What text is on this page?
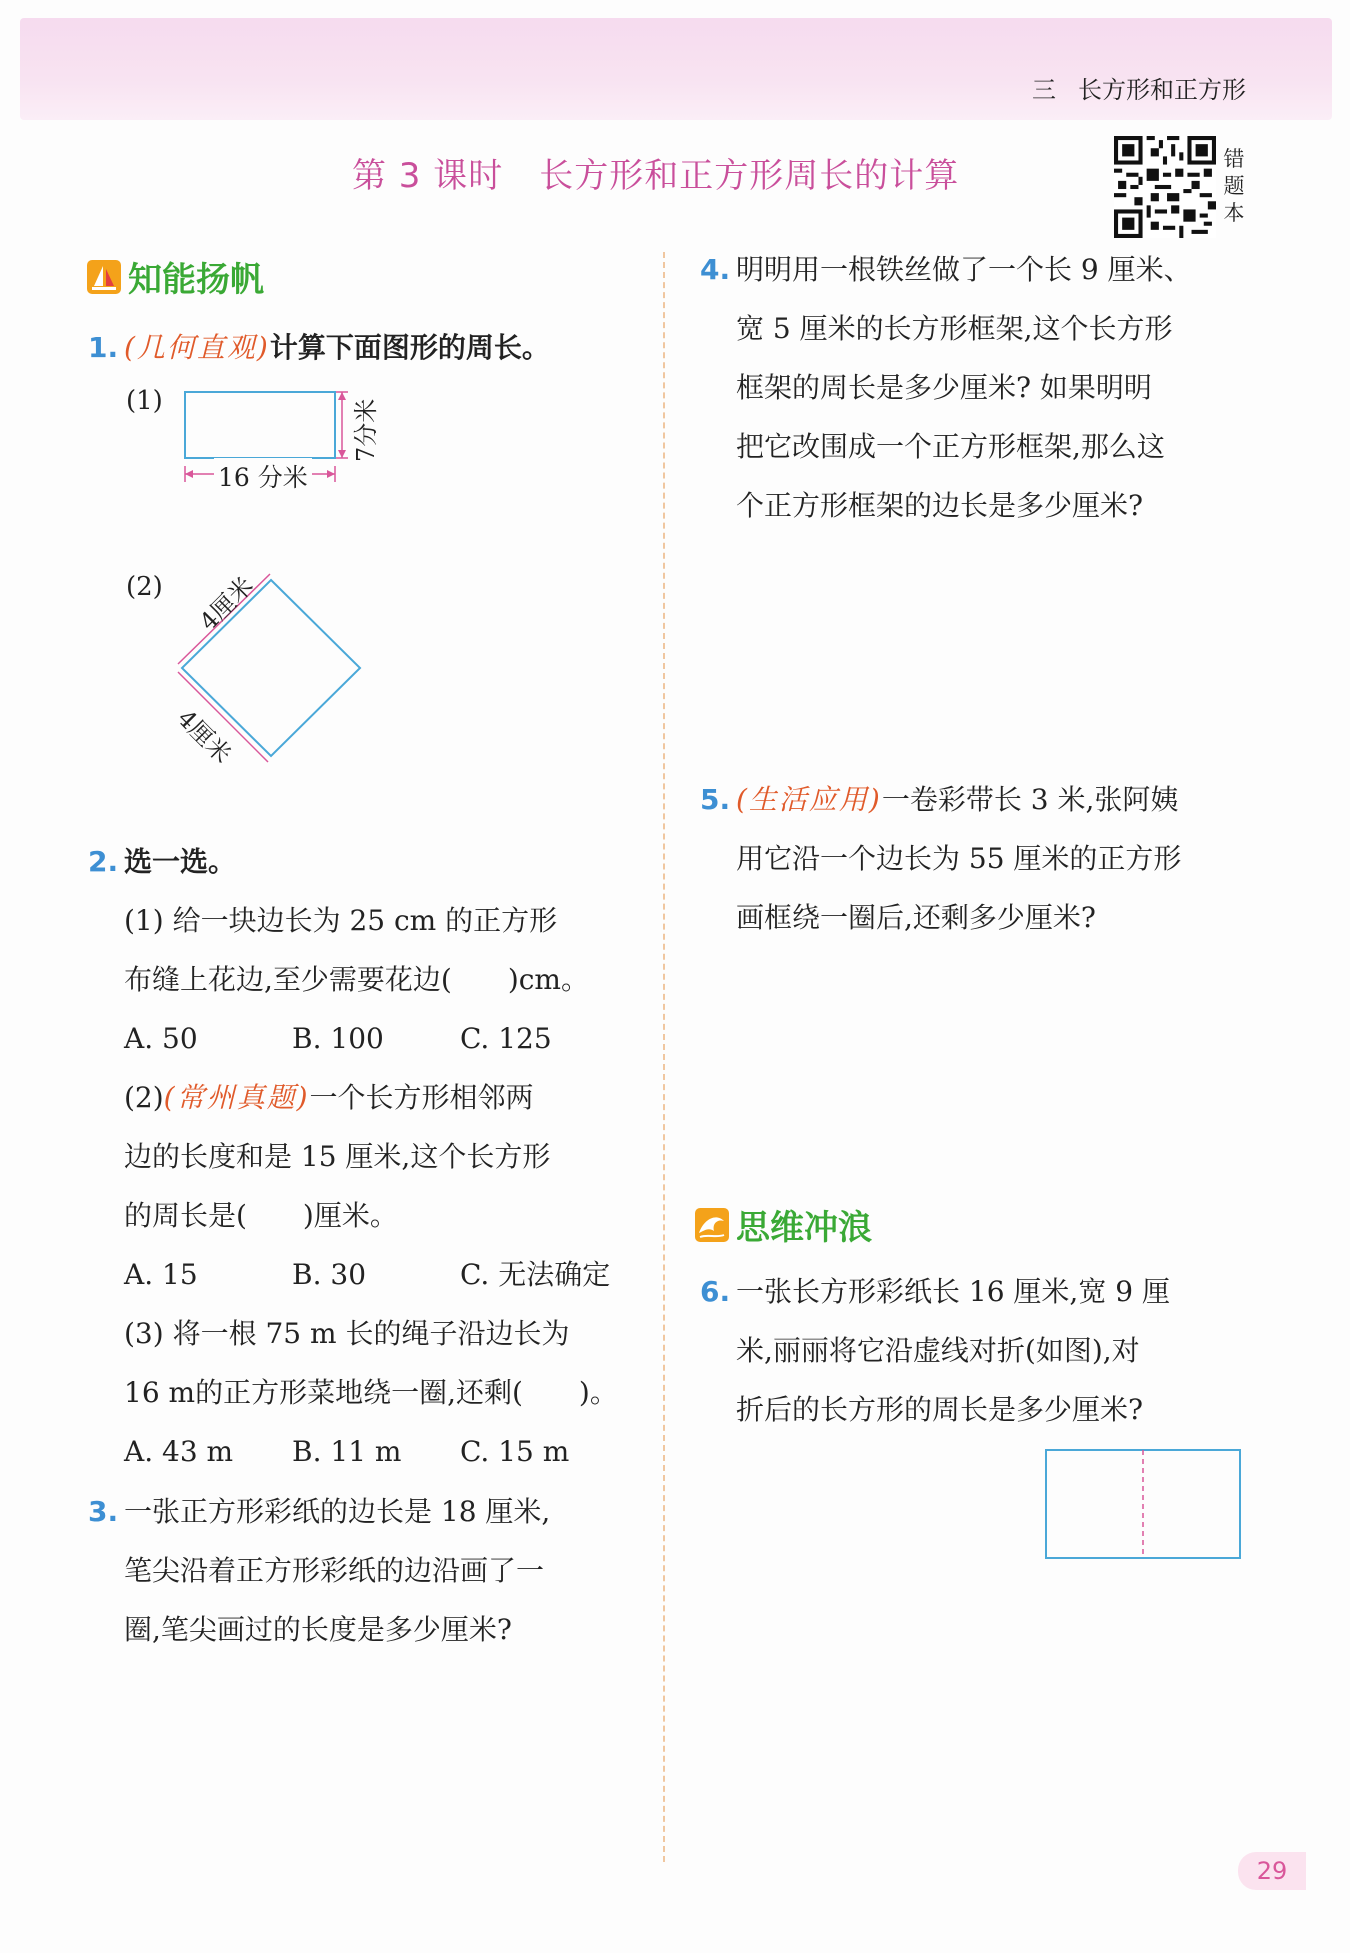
三 长方形和正方形
第 3 课时 长方形和正方形周长的计算	错
题
本
知能扬帆
1. (几何直观)计算下面图形的周长。
(1)
16 分米
7分米
(2) 4厘米
4厘米
2. 选一选。
(1) 给一块边长为 25 cm 的正方形
布缝上花边,至少需要花边(　　)cm。
A. 50	B. 100	C. 125
(2)(常州真题)一个长方形相邻两
边的长度和是 15 厘米,这个长方形
的周长是(　　)厘米。
A. 15	B. 30	C. 无法确定
(3) 将一根 75 m 长的绳子沿边长为
16 m的正方形菜地绕一圈,还剩(　　)。
A. 43 m B. 11 m C. 15 m
3. 一张正方形彩纸的边长是 18 厘米,
笔尖沿着正方形彩纸的边沿画了一
圈,笔尖画过的长度是多少厘米?
4. 明明用一根铁丝做了一个长 9 厘米、
宽 5 厘米的长方形框架,这个长方形
框架的周长是多少厘米? 如果明明
把它改围成一个正方形框架,那么这
个正方形框架的边长是多少厘米?
5. (生活应用)一卷彩带长 3 米,张阿姨
用它沿一个边长为 55 厘米的正方形
画框绕一圈后,还剩多少厘米?
思维冲浪
6. 一张长方形彩纸长 16 厘米,宽 9 厘
米,丽丽将它沿虚线对折(如图),对
折后的长方形的周长是多少厘米?
29
